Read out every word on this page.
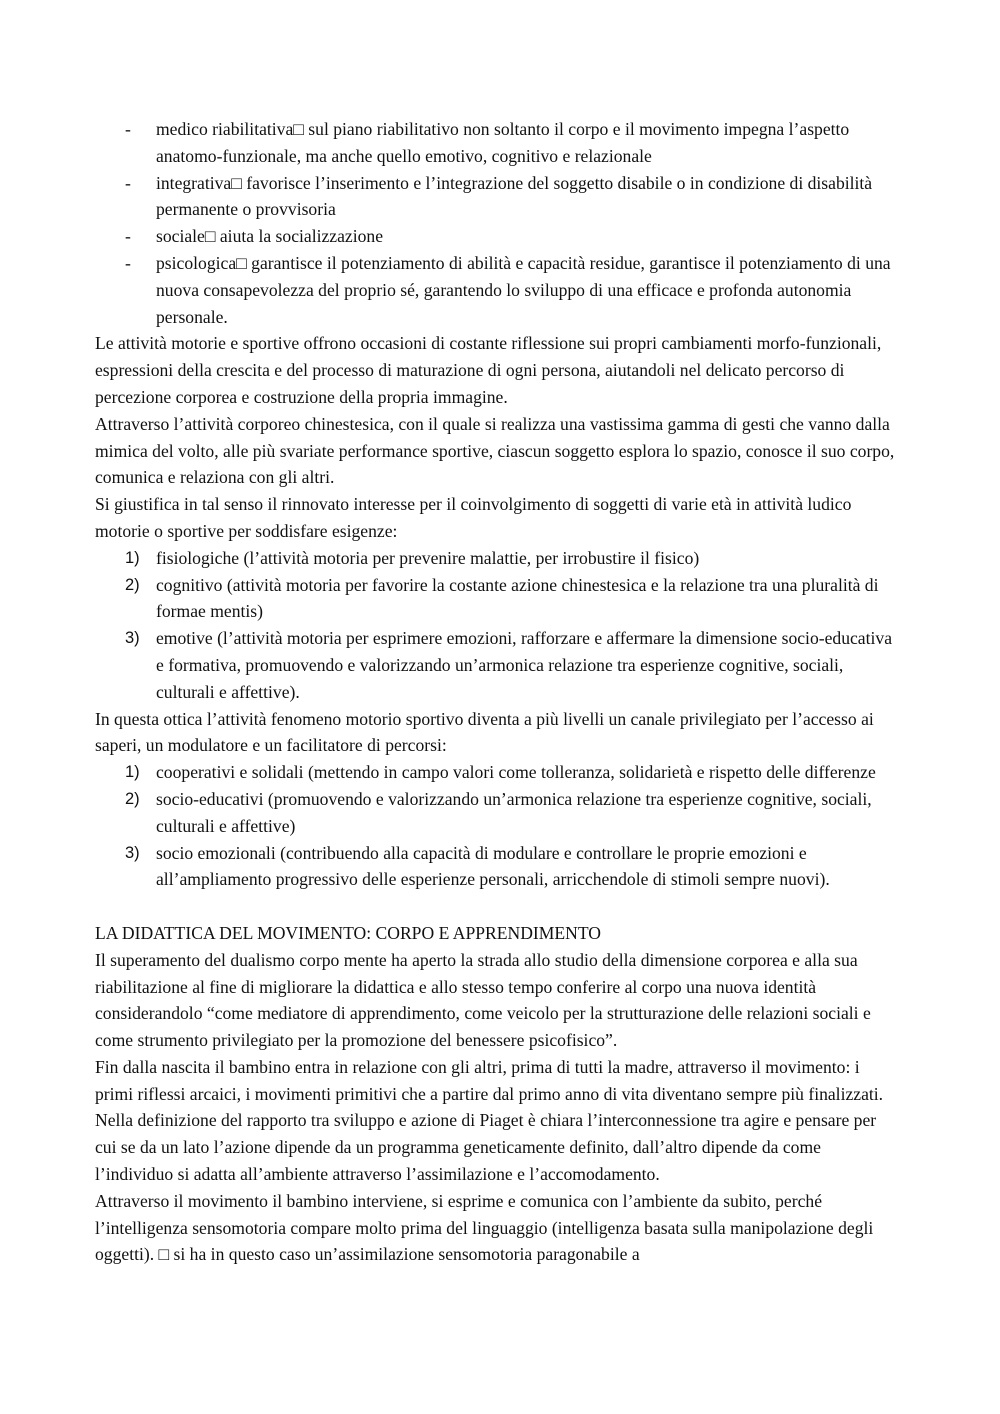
- medico riabilitativa□ sul piano riabilitativo non soltanto il corpo e il movimento impegna l’aspetto anatomo-funzionale, ma anche quello emotivo, cognitivo e relazionale
- integrativa□ favorisce l’inserimento e l’integrazione del soggetto disabile o in condizione di disabilità permanente o provvisoria
- sociale□ aiuta la socializzazione
- psicologica□ garantisce il potenziamento di abilità e capacità residue, garantisce il potenziamento di una nuova consapevolezza del proprio sé, garantendo lo sviluppo di una efficace e profonda autonomia personale.

Le attività motorie e sportive offrono occasioni di costante riflessione sui propri cambiamenti morfo-funzionali, espressioni della crescita e del processo di maturazione di ogni persona, aiutandoli nel delicato percorso di percezione corporea e costruzione della propria immagine.

Attraverso l’attività corporeo chinestesica, con il quale si realizza una vastissima gamma di gesti che vanno dalla mimica del volto, alle più svariate performance sportive, ciascun soggetto esplora lo spazio, conosce il suo corpo, comunica e relaziona con gli altri.

Si giustifica in tal senso il rinnovato interesse per il coinvolgimento di soggetti di varie età in attività ludico motorie o sportive per soddisfare esigenze:

1) fisiologiche (l’attività motoria per prevenire malattie, per irrobustire il fisico)
2) cognitivo (attività motoria per favorire la costante azione chinestesica e la relazione tra una pluralità di formae mentis)
3) emotive (l’attività motoria per esprimere emozioni, rafforzare e affermare la dimensione socio-educativa e formativa, promuovendo e valorizzando un’armonica relazione tra esperienze cognitive, sociali, culturali e affettive).

In questa ottica l’attività fenomeno motorio sportivo diventa a più livelli un canale privilegiato per l’accesso ai saperi, un modulatore e un facilitatore di percorsi:

1) cooperativi e solidali (mettendo in campo valori come tolleranza, solidarietà e rispetto delle differenze
2) socio-educativi (promuovendo e valorizzando un’armonica relazione tra esperienze cognitive, sociali, culturali e affettive)
3) socio emozionali (contribuendo alla capacità di modulare e controllare le proprie emozioni e all’ampliamento progressivo delle esperienze personali, arricchendole di stimoli sempre nuovi).
LA DIDATTICA DEL MOVIMENTO: CORPO E APPRENDIMENTO

Il superamento del dualismo corpo mente ha aperto la strada allo studio della dimensione corporea e alla sua riabilitazione al fine di migliorare la didattica e allo stesso tempo conferire al corpo una nuova identità considerandolo “come mediatore di apprendimento, come veicolo per la strutturazione delle relazioni sociali e come strumento privilegiato per la promozione del benessere psicofisico”.

Fin dalla nascita il bambino entra in relazione con gli altri, prima di tutti la madre, attraverso il movimento: i primi riflessi arcaici, i movimenti primitivi che a partire dal primo anno di vita diventano sempre più finalizzati.

Nella definizione del rapporto tra sviluppo e azione di Piaget è chiara l’interconnessione tra agire e pensare per cui se da un lato l’azione dipende da un programma geneticamente definito, dall’altro dipende da come l’individuo si adatta all’ambiente attraverso l’assimilazione e l’accomodamento.

Attraverso il movimento il bambino interviene, si esprime e comunica con l’ambiente da subito, perché l’intelligenza sensomotoria compare molto prima del linguaggio (intelligenza basata sulla manipolazione degli oggetti). □ si ha in questo caso un’assimilazione sensomotoria paragonabile a
